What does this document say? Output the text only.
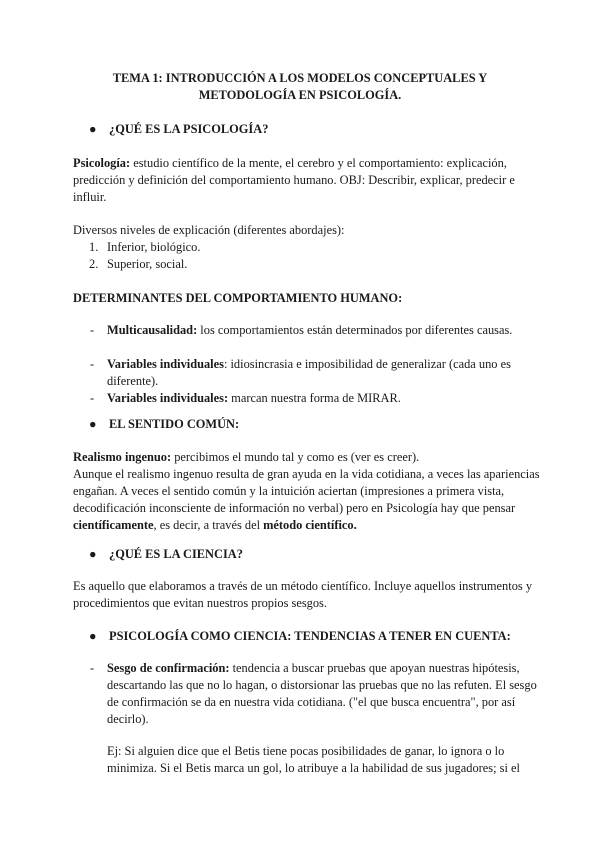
TEMA 1: INTRODUCCIÓN A LOS MODELOS CONCEPTUALES Y METODOLOGÍA EN PSICOLOGÍA.

● ¿QUÉ ES LA PSICOLOGÍA?

Psicología: estudio científico de la mente, el cerebro y el comportamiento: explicación, predicción y definición del comportamiento humano. OBJ: Describir, explicar, predecir e influir.

Diversos niveles de explicación (diferentes abordajes):

1. Inferior, biológico.

2. Superior, social.

DETERMINANTES DEL COMPORTAMIENTO HUMANO:

- Multicausalidad: los comportamientos están determinados por diferentes causas.

- Variables individuales: idiosincrasia e imposibilidad de generalizar (cada uno es diferente).

- Variables individuales: marcan nuestra forma de MIRAR.

● EL SENTIDO COMÚN:

Realismo ingenuo: percibimos el mundo tal y como es (ver es creer).
Aunque el realismo ingenuo resulta de gran ayuda en la vida cotidiana, a veces las apariencias engañan. A veces el sentido común y la intuición aciertan (impresiones a primera vista, decodificación inconsciente de información no verbal) pero en Psicología hay que pensar científicamente, es decir, a través del método científico.

● ¿QUÉ ES LA CIENCIA?

Es aquello que elaboramos a través de un método científico. Incluye aquellos instrumentos y procedimientos que evitan nuestros propios sesgos.

● PSICOLOGÍA COMO CIENCIA: TENDENCIAS A TENER EN CUENTA:

- Sesgo de confirmación: tendencia a buscar pruebas que apoyan nuestras hipótesis, descartando las que no lo hagan, o distorsionar las pruebas que no las refuten. El sesgo de confirmación se da en nuestra vida cotidiana. ("el que busca encuentra", por así decirlo).

Ej: Si alguien dice que el Betis tiene pocas posibilidades de ganar, lo ignora o lo minimiza. Si el Betis marca un gol, lo atribuye a la habilidad de sus jugadores; si el
